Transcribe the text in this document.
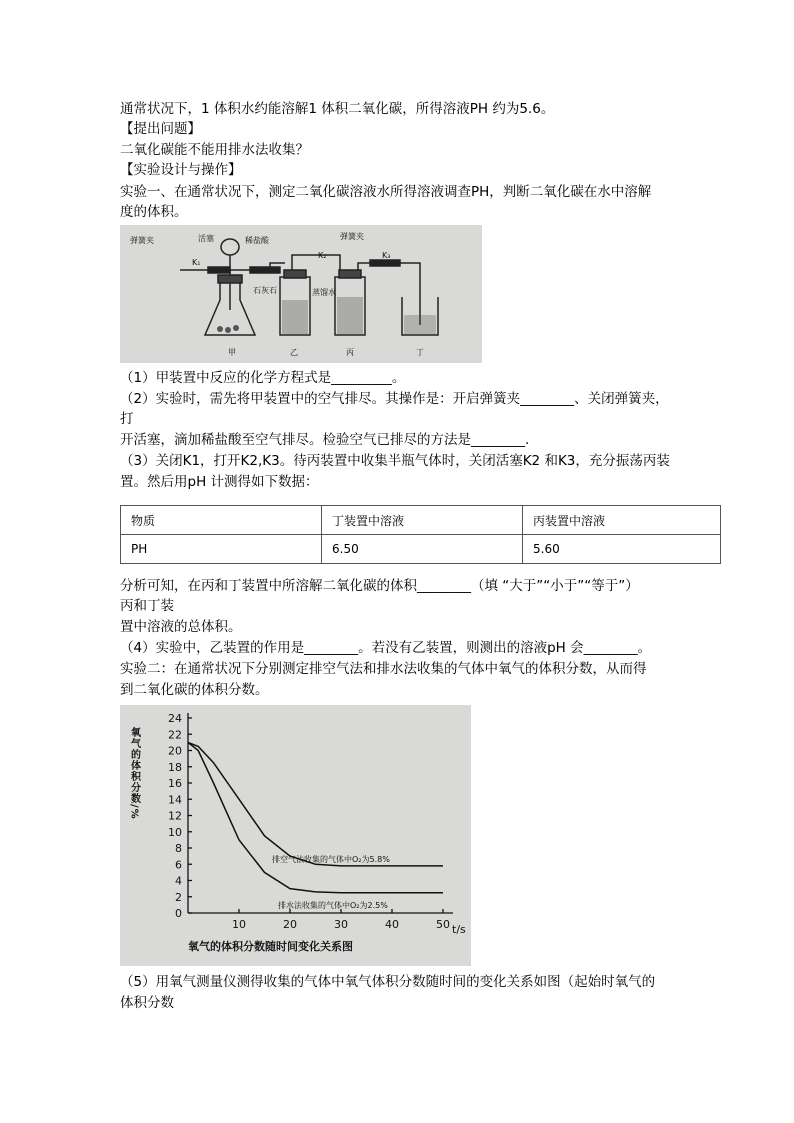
通常状况下，1 体积水约能溶解1 体积二氧化碳，所得溶液PH 约为5.6。
【提出问题】
二氧化碳能不能用排水法收集？
【实验设计与操作】
实验一、在通常状况下，测定二氧化碳溶液水所得溶液调查PH，判断二氧化碳在水中溶解
度的体积。
弹簧夹	活塞	稀盐酸	弹簧夹
K₁
K₂	K₃
石灰石	蒸馏水
甲	乙	丙	丁
（1）甲装置中反应的化学方程式是_________。
（2）实验时，需先将甲装置中的空气排尽。其操作是：开启弹簧夹________、关闭弹簧夹，
打
开活塞，滴加稀盐酸至空气排尽。检验空气已排尽的方法是________.
（3）关闭K1，打开K2,K3。待丙装置中收集半瓶气体时，关闭活塞K2 和K3，充分振荡丙装
置。然后用pH 计测得如下数据：
物质	丁装置中溶液	丙装置中溶液
PH	6.50	5.60
分析可知，在丙和丁装置中所溶解二氧化碳的体积________（填 “大于”“小于”“等于”）
丙和丁装
置中溶液的总体积。
（4）实验中，乙装置的作用是________。若没有乙装置，则测出的溶液pH 会________。
实验二：在通常状况下分别测定排空气法和排水法收集的气体中氧气的体积分数，从而得
到二氧化碳的体积分数。
0
2
4
6
8
10
12
14
16
18
20
22
24
10	20	30	40	50
氧气的体积分数/%
t/s
氧气的体积分数随时间变化关系图
排空气法收集的气体中O₂为5.8%
排水法收集的气体中O₂为2.5%
（5）用氧气测量仪测得收集的气体中氧气体积分数随时间的变化关系如图（起始时氧气的
体积分数
